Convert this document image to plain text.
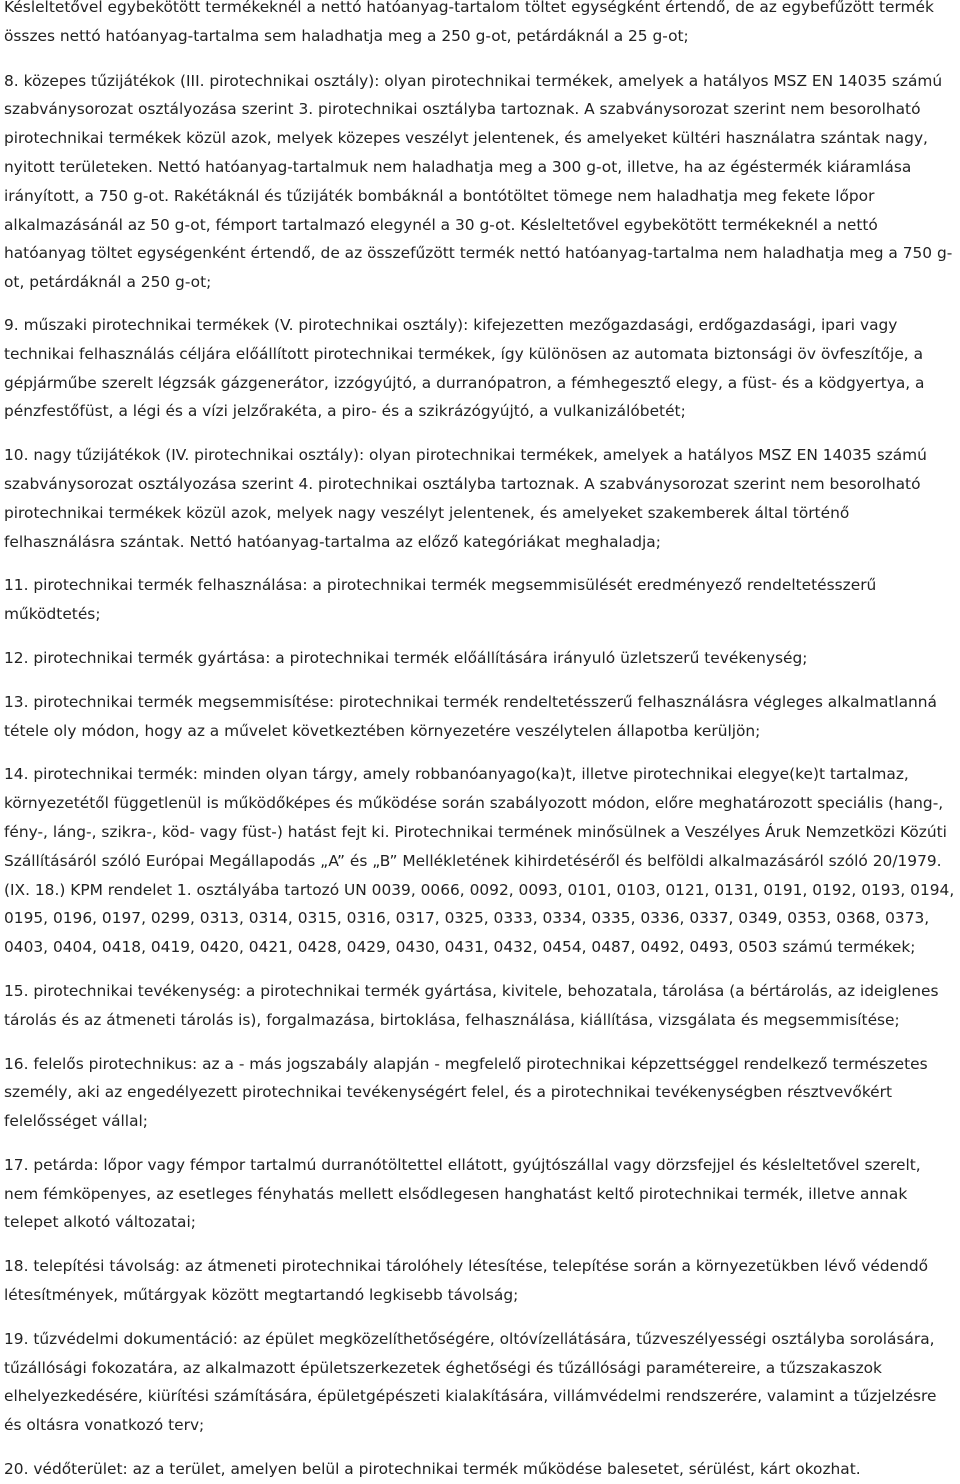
Késleltetővel egybekötött termékeknél a nettó hatóanyag-tartalom töltet egységként értendő, de az egybefűzött termék összes nettó hatóanyag-tartalma sem haladhatja meg a 250 g-ot, petárdáknál a 25 g-ot;

8. közepes tűzijátékok (III. pirotechnikai osztály): olyan pirotechnikai termékek, amelyek a hatályos MSZ EN 14035 számú szabványsorozat osztályozása szerint 3. pirotechnikai osztályba tartoznak. A szabványsorozat szerint nem besorolható pirotechnikai termékek közül azok, melyek közepes veszélyt jelentenek, és amelyeket kültéri használatra szántak nagy, nyitott területeken. Nettó hatóanyag-tartalmuk nem haladhatja meg a 300 g-ot, illetve, ha az égéstermék kiáramlása irányított, a 750 g-ot. Rakétáknál és tűzijáték bombáknál a bontótöltet tömege nem haladhatja meg fekete lőpor alkalmazásánál az 50 g-ot, fémport tartalmazó elegynél a 30 g-ot. Késleltetővel egybekötött termékeknél a nettó hatóanyag töltet egységenként értendő, de az összefűzött termék nettó hatóanyag-tartalma nem haladhatja meg a 750 g-ot, petárdáknál a 250 g-ot;

9. műszaki pirotechnikai termékek (V. pirotechnikai osztály): kifejezetten mezőgazdasági, erdőgazdasági, ipari vagy technikai felhasználás céljára előállított pirotechnikai termékek, így különösen az automata biztonsági öv övfeszítője, a gépjárműbe szerelt légzsák gázgenerátor, izzógyújtó, a durranópatron, a fémhegesztő elegy, a füst- és a ködgyertya, a pénzfestőfüst, a légi és a vízi jelzőrakéta, a piro- és a szikrázógyújtó, a vulkanizálóbetét;

10. nagy tűzijátékok (IV. pirotechnikai osztály): olyan pirotechnikai termékek, amelyek a hatályos MSZ EN 14035 számú szabványsorozat osztályozása szerint 4. pirotechnikai osztályba tartoznak. A szabványsorozat szerint nem besorolható pirotechnikai termékek közül azok, melyek nagy veszélyt jelentenek, és amelyeket szakemberek által történő felhasználásra szántak. Nettó hatóanyag-tartalma az előző kategóriákat meghaladja;

11. pirotechnikai termék felhasználása: a pirotechnikai termék megsemmisülését eredményező rendeltetésszerű működtetés;

12. pirotechnikai termék gyártása: a pirotechnikai termék előállítására irányuló üzletszerű tevékenység;

13. pirotechnikai termék megsemmisítése: pirotechnikai termék rendeltetésszerű felhasználásra végleges alkalmatlanná tétele oly módon, hogy az a művelet következtében környezetére veszélytelen állapotba kerüljön;

14. pirotechnikai termék: minden olyan tárgy, amely robbanóanyago(ka)t, illetve pirotechnikai elegye(ke)t tartalmaz, környezetétől függetlenül is működőképes és működése során szabályozott módon, előre meghatározott speciális (hang-, fény-, láng-, szikra-, köd- vagy füst-) hatást fejt ki. Pirotechnikai termének minősülnek a Veszélyes Áruk Nemzetközi Közúti Szállításáról szóló Európai Megállapodás „A” és „B” Mellékletének kihirdetéséről és belföldi alkalmazásáról szóló 20/1979. (IX. 18.) KPM rendelet 1. osztályába tartozó UN 0039, 0066, 0092, 0093, 0101, 0103, 0121, 0131, 0191, 0192, 0193, 0194, 0195, 0196, 0197, 0299, 0313, 0314, 0315, 0316, 0317, 0325, 0333, 0334, 0335, 0336, 0337, 0349, 0353, 0368, 0373, 0403, 0404, 0418, 0419, 0420, 0421, 0428, 0429, 0430, 0431, 0432, 0454, 0487, 0492, 0493, 0503 számú termékek;

15. pirotechnikai tevékenység: a pirotechnikai termék gyártása, kivitele, behozatala, tárolása (a bértárolás, az ideiglenes tárolás és az átmeneti tárolás is), forgalmazása, birtoklása, felhasználása, kiállítása, vizsgálata és megsemmisítése;

16. felelős pirotechnikus: az a - más jogszabály alapján - megfelelő pirotechnikai képzettséggel rendelkező természetes személy, aki az engedélyezett pirotechnikai tevékenységért felel, és a pirotechnikai tevékenységben résztvevőkért felelősséget vállal;

17. petárda: lőpor vagy fémpor tartalmú durranótöltettel ellátott, gyújtószállal vagy dörzsfejjel és késleltetővel szerelt, nem fémköpenyes, az esetleges fényhatás mellett elsődlegesen hanghatást keltő pirotechnikai termék, illetve annak telepet alkotó változatai;

18. telepítési távolság: az átmeneti pirotechnikai tárolóhely létesítése, telepítése során a környezetükben lévő védendő létesítmények, műtárgyak között megtartandó legkisebb távolság;

19. tűzvédelmi dokumentáció: az épület megközelíthetőségére, oltóvízellátására, tűzveszélyességi osztályba sorolására, tűzállósági fokozatára, az alkalmazott épületszerkezetek éghetőségi és tűzállósági paramétereire, a tűzszakaszok elhelyezkedésére, kiürítési számítására, épületgépészeti kialakítására, villámvédelmi rendszerére, valamint a tűzjelzésre és oltásra vonatkozó terv;

20. védőterület: az a terület, amelyen belül a pirotechnikai termék működése balesetet, sérülést, kárt okozhat.
